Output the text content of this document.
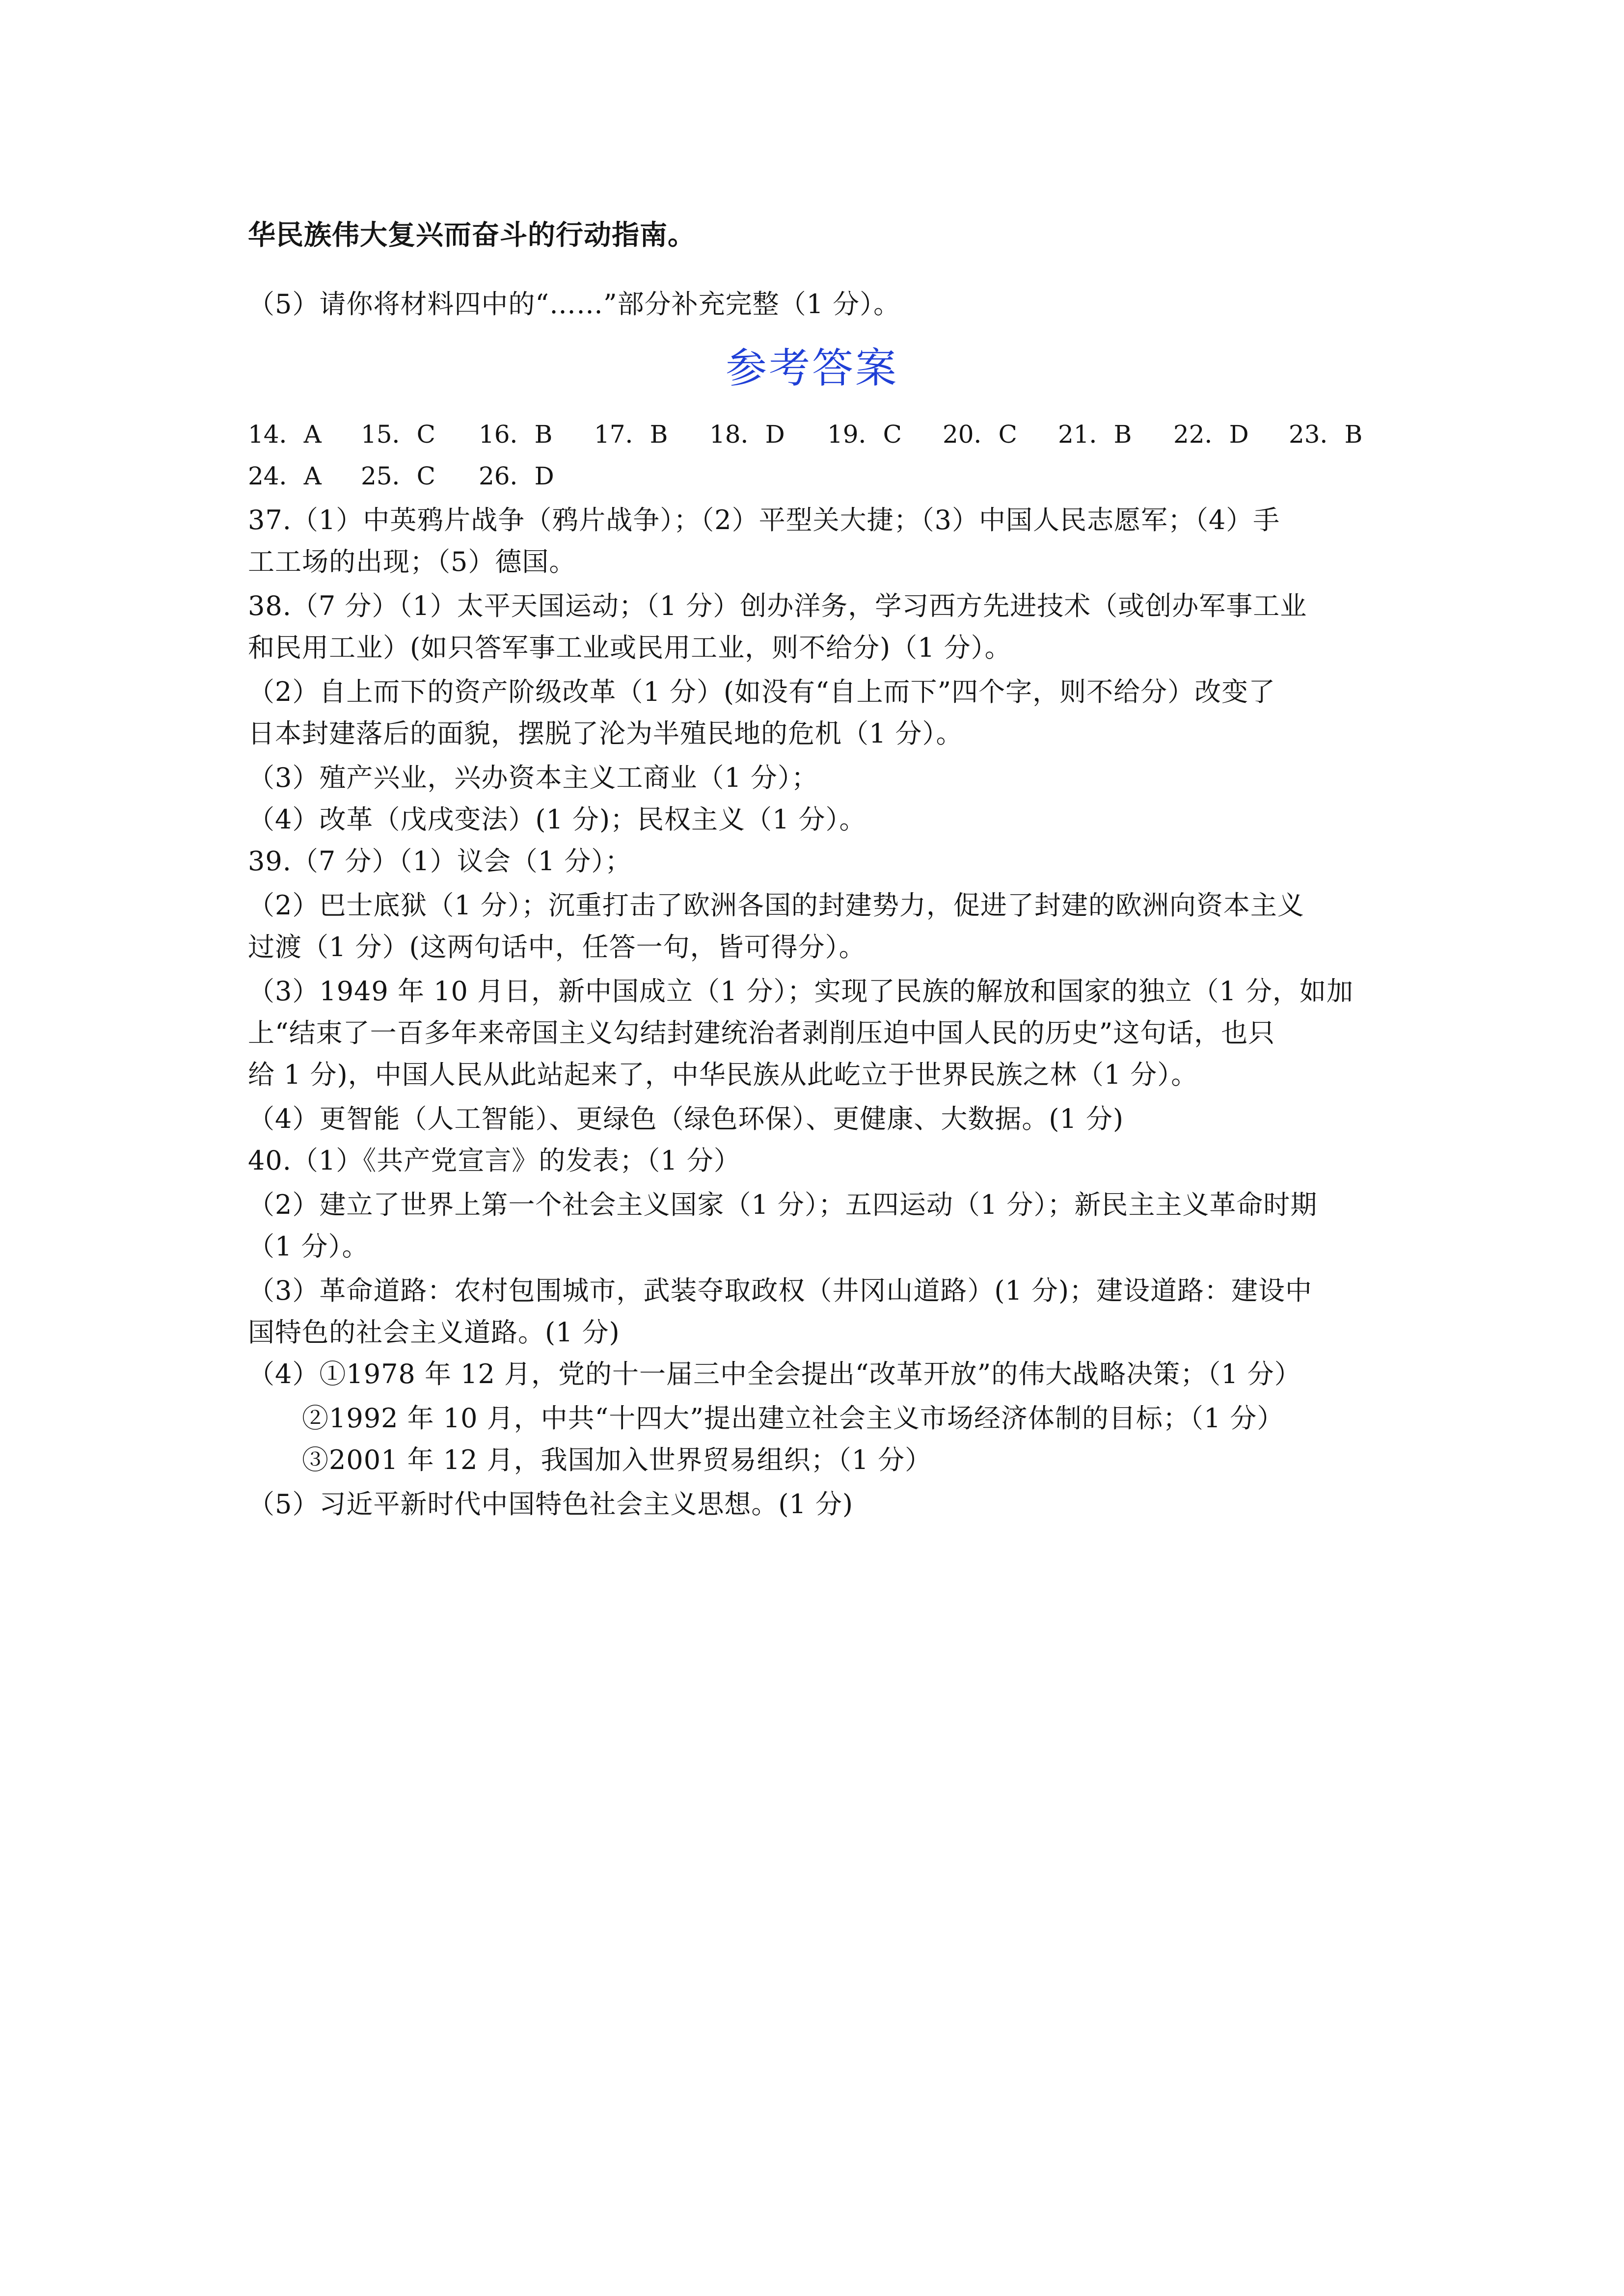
华民族伟大复兴而奋斗的行动指南。
（5）请你将材料四中的“……”部分补充完整（1 分）。
参考答案
14．A 15．C 16．B 17．B 18．D 19．C 20．C 21．B 22．D 23．B
24．A 25．C 26．D
37.（1）中英鸦片战争（鸦片战争）；（2）平型关大捷；（3）中国人民志愿军；（4）手
工工场的出现；（5）德国。
38.（7 分）（1）太平天国运动；（1 分）创办洋务，学习西方先进技术（或创办军事工业
和民用工业）(如只答军事工业或民用工业，则不给分)（1 分）。
（2）自上而下的资产阶级改革（1 分）(如没有“自上而下”四个字，则不给分）改变了
日本封建落后的面貌，摆脱了沦为半殖民地的危机（1 分）。
（3）殖产兴业，兴办资本主义工商业（1 分）；
（4）改革（戊戌变法）(1 分)；民权主义（1 分）。
39.（7 分）（1）议会（1 分）；
（2）巴士底狱（1 分）；沉重打击了欧洲各国的封建势力，促进了封建的欧洲向资本主义
过渡（1 分）(这两句话中，任答一句，皆可得分）。
（3）1949 年 10 月日，新中国成立（1 分）；实现了民族的解放和国家的独立（1 分，如加
上“结束了一百多年来帝国主义勾结封建统治者剥削压迫中国人民的历史”这句话，也只
给 1 分)，中国人民从此站起来了，中华民族从此屹立于世界民族之林（1 分）。
（4）更智能（人工智能）、更绿色（绿色环保）、更健康、大数据。(1 分)
40.（1）《共产党宣言》的发表；（1 分）
（2）建立了世界上第一个社会主义国家（1 分）；五四运动（1 分）；新民主主义革命时期
（1 分）。
（3）革命道路：农村包围城市，武装夺取政权（井冈山道路）(1 分)；建设道路：建设中
国特色的社会主义道路。(1 分)
（4）①1978 年 12 月，党的十一届三中全会提出“改革开放”的伟大战略决策；（1 分）
②1992 年 10 月，中共“十四大”提出建立社会主义市场经济体制的目标；（1 分）
③2001 年 12 月，我国加入世界贸易组织；（1 分）
（5）习近平新时代中国特色社会主义思想。(1 分)
